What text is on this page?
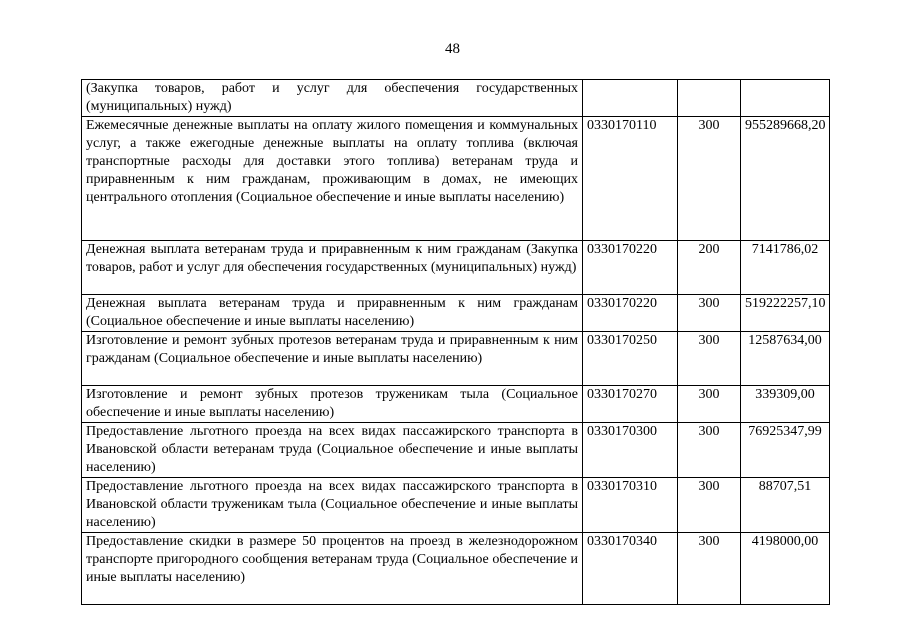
48
(Закупка товаров, работ и услуг для обеспечения государственных (муниципальных) нужд)			
Ежемесячные денежные выплаты на оплату жилого помещения и коммунальных услуг, а также ежегодные денежные выплаты на оплату топлива (включая транспортные расходы для доставки этого топлива) ветеранам труда и приравненным к ним гражданам, проживающим в домах, не имеющих центрального отопления (Социальное обеспечение и иные выплаты населению)	0330170110	300	955289668,20
Денежная выплата ветеранам труда и приравненным к ним гражданам (Закупка товаров, работ и услуг для обеспечения государственных (муниципальных) нужд)	0330170220	200	7141786,02
Денежная выплата ветеранам труда и приравненным к ним гражданам (Социальное обеспечение и иные выплаты населению)	0330170220	300	519222257,10
Изготовление и ремонт зубных протезов ветеранам труда и приравненным к ним гражданам (Социальное обеспечение и иные выплаты населению)	0330170250	300	12587634,00
Изготовление и ремонт зубных протезов труженикам тыла (Социальное обеспечение и иные выплаты населению)	0330170270	300	339309,00
Предоставление льготного проезда на всех видах пассажирского транспорта в Ивановской области ветеранам труда (Социальное обеспечение и иные выплаты населению)	0330170300	300	76925347,99
Предоставление льготного проезда на всех видах пассажирского транспорта в Ивановской области труженикам тыла (Социальное обеспечение и иные выплаты населению)	0330170310	300	88707,51
Предоставление скидки в размере 50 процентов на проезд в железнодорожном транспорте пригородного сообщения ветеранам труда (Социальное обеспечение и иные выплаты населению)	0330170340	300	4198000,00
